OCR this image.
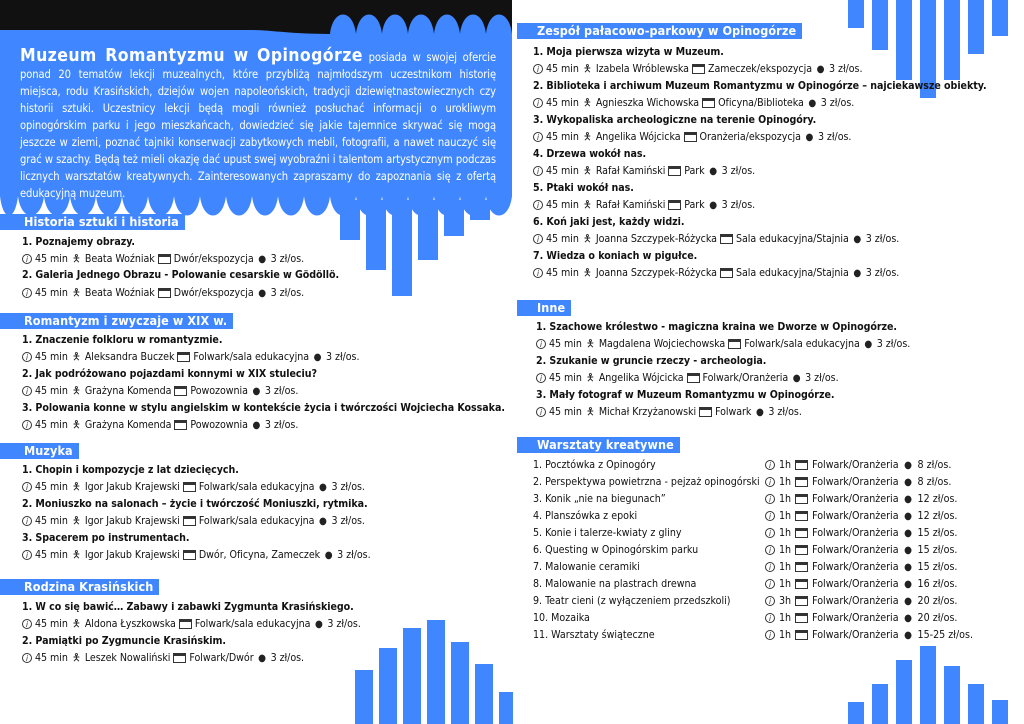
Muzeum Romantyzmu w Opinogórze posiada w swojej ofercie ponad 20 tematów lekcji muzealnych, które przybliżą najmłodszym uczestnikom historię miejsca, rodu Krasińskich, dziejów wojen napoleońskich, tradycji dziewiętnastowiecznych czy historii sztuki. Uczestnicy lekcji będą mogli również posłuchać informacji o urokliwym opinogórskim parku i jego mieszkańcach, dowiedzieć się jakie tajemnice skrywać się mogą jeszcze w ziemi, poznać tajniki konserwacji zabytkowych mebli, fotografii, a nawet nauczyć się grać w szachy. Będą też mieli okazję dać upust swej wyobraźni i talentom artystycznym podczas licznych warsztatów kreatywnych. Zainteresowanych zapraszamy do zapoznania się z ofertą edukacyjną muzeum.
Historia sztuki i historia
1. Poznajemy obrazy.
i 45 min 🯅 Beata Woźniak Dwór/ekspozycja ● 3 zł/os.
2. Galeria Jednego Obrazu - Polowanie cesarskie w Gödöllö.
i 45 min 🯅 Beata Woźniak Dwór/ekspozycja ● 3 zł/os.
Romantyzm i zwyczaje w XIX w.
1. Znaczenie folkloru w romantyzmie.
i 45 min 🯅 Aleksandra Buczek Folwark/sala edukacyjna ● 3 zł/os.
2. Jak podróżowano pojazdami konnymi w XIX stuleciu?
i 45 min 🯅 Grażyna Komenda Powozownia ● 3 zł/os.
3. Polowania konne w stylu angielskim w kontekście życia i twórczości Wojciecha Kossaka.
i 45 min 🯅 Grażyna Komenda Powozownia ● 3 zł/os.
Muzyka
1. Chopin i kompozycje z lat dziecięcych.
i 45 min 🯅 Igor Jakub Krajewski Folwark/sala edukacyjna ● 3 zł/os.
2. Moniuszko na salonach – życie i twórczość Moniuszki, rytmika.
i 45 min 🯅 Igor Jakub Krajewski Folwark/sala edukacyjna ● 3 zł/os.
3. Spacerem po instrumentach.
i 45 min 🯅 Igor Jakub Krajewski Dwór, Oficyna, Zameczek ● 3 zł/os.
Rodzina Krasińskich
1. W co się bawić… Zabawy i zabawki Zygmunta Krasińskiego.
i 45 min 🯅 Aldona Łyszkowska Folwark/sala edukacyjna ● 3 zł/os.
2. Pamiątki po Zygmuncie Krasińskim.
i 45 min 🯅 Leszek Nowaliński Folwark/Dwór ● 3 zł/os.
Zespół pałacowo-parkowy w Opinogórze
1. Moja pierwsza wizyta w Muzeum.
i 45 min 🯅 Izabela Wróblewska Zameczek/ekspozycja ● 3 zł/os.
2. Biblioteka i archiwum Muzeum Romantyzmu w Opinogórze – najciekawsze obiekty.
i 45 min 🯅 Agnieszka Wichowska Oficyna/Biblioteka ● 3 zł/os.
3. Wykopaliska archeologiczne na terenie Opinogóry.
i 45 min 🯅 Angelika Wójcicka Oranżeria/ekspozycja ● 3 zł/os.
4. Drzewa wokół nas.
i 45 min 🯅 Rafał Kamiński Park ● 3 zł/os.
5. Ptaki wokół nas.
i 45 min 🯅 Rafał Kamiński Park ● 3 zł/os.
6. Koń jaki jest, każdy widzi.
i 45 min 🯅 Joanna Szczypek-Różycka Sala edukacyjna/Stajnia ● 3 zł/os.
7. Wiedza o koniach w pigułce.
i 45 min 🯅 Joanna Szczypek-Różycka Sala edukacyjna/Stajnia ● 3 zł/os.
Inne
1. Szachowe królestwo - magiczna kraina we Dworze w Opinogórze.
i 45 min 🯅 Magdalena Wojciechowska Folwark/sala edukacyjna ● 3 zł/os.
2. Szukanie w gruncie rzeczy - archeologia.
i 45 min 🯅 Angelika Wójcicka Folwark/Oranżeria ● 3 zł/os.
3. Mały fotograf w Muzeum Romantyzmu w Opinogórze.
i 45 min 🯅 Michał Krzyżanowski Folwark ● 3 zł/os.
Warsztaty kreatywne
1. Pocztówka z Opinogóry	i 1h Folwark/Oranżeria ● 8 zł/os.
2. Perspektywa powietrzna - pejzaż opinogórski	i 1h Folwark/Oranżeria ● 8 zł/os.
3. Konik „nie na biegunach”	i 1h Folwark/Oranżeria ● 12 zł/os.
4. Planszówka z epoki	i 1h Folwark/Oranżeria ● 12 zł/os.
5. Konie i talerze-kwiaty z gliny	i 1h Folwark/Oranżeria ● 15 zł/os.
6. Questing w Opinogórskim parku	i 1h Folwark/Oranżeria ● 15 zł/os.
7. Malowanie ceramiki	i 1h Folwark/Oranżeria ● 15 zł/os.
8. Malowanie na plastrach drewna	i 1h Folwark/Oranżeria ● 16 zł/os.
9. Teatr cieni (z wyłączeniem przedszkoli)	i 3h Folwark/Oranżeria ● 20 zł/os.
10. Mozaika	i 1h Folwark/Oranżeria ● 20 zł/os.
11. Warsztaty świąteczne	i 1h Folwark/Oranżeria ● 15-25 zł/os.
